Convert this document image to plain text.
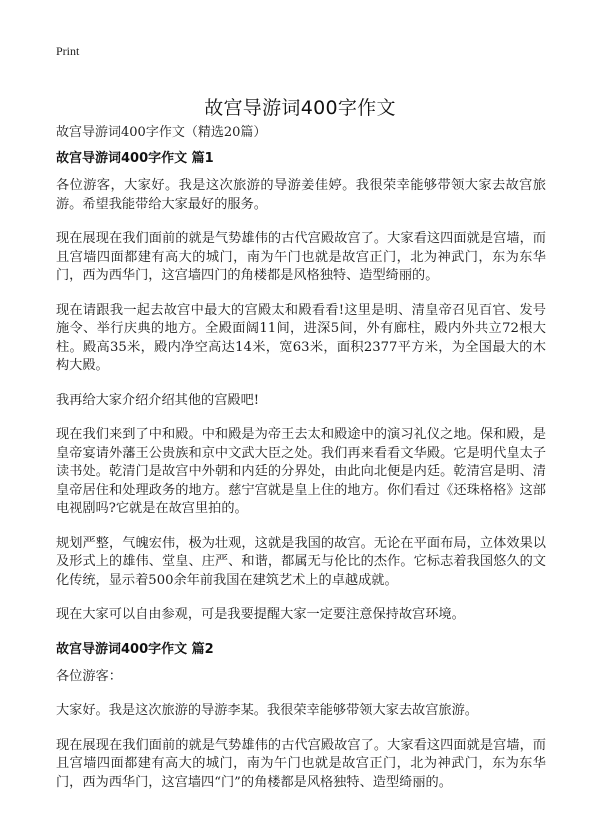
Print
故宫导游词400字作文
故宫导游词400字作文（精选20篇）
故宫导游词400字作文 篇1

各位游客，大家好。我是这次旅游的导游姜佳婷。我很荣幸能够带领大家去故宫旅游。希望我能带给大家最好的服务。

现在展现在我们面前的就是气势雄伟的古代宫殿故宫了。大家看这四面就是宫墙，而且宫墙四面都建有高大的城门，南为午门也就是故宫正门，北为神武门，东为东华门，西为西华门，这宫墙四门的角楼都是风格独特、造型绮丽的。

现在请跟我一起去故宫中最大的宫殿太和殿看看!这里是明、清皇帝召见百官、发号施令、举行庆典的地方。全殿面阔11间，进深5间，外有廊柱，殿内外共立72根大柱。殿高35米，殿内净空高达14米，宽63米，面积2377平方米，为全国最大的木构大殿。

我再给大家介绍介绍其他的宫殿吧!

现在我们来到了中和殿。中和殿是为帝王去太和殿途中的演习礼仪之地。保和殿，是皇帝宴请外藩王公贵族和京中文武大臣之处。我们再来看看文华殿。它是明代皇太子读书处。乾清门是故宫中外朝和内廷的分界处，由此向北便是内廷。乾清宫是明、清皇帝居住和处理政务的地方。慈宁宫就是皇上住的地方。你们看过《还珠格格》这部电视剧吗?它就是在故宫里拍的。

规划严整，气魄宏伟，极为壮观，这就是我国的故宫。无论在平面布局，立体效果以及形式上的雄伟、堂皇、庄严、和谐，都属无与伦比的杰作。它标志着我国悠久的文化传统，显示着500余年前我国在建筑艺术上的卓越成就。

现在大家可以自由参观，可是我要提醒大家一定要注意保持故宫环境。

故宫导游词400字作文 篇2

各位游客：

大家好。我是这次旅游的导游李某。我很荣幸能够带领大家去故宫旅游。

现在展现在我们面前的就是气势雄伟的古代宫殿故宫了。大家看这四面就是宫墙，而且宫墙四面都建有高大的城门，南为午门也就是故宫正门，北为神武门，东为东华门，西为西华门，这宫墙四“门”的角楼都是风格独特、造型绮丽的。
